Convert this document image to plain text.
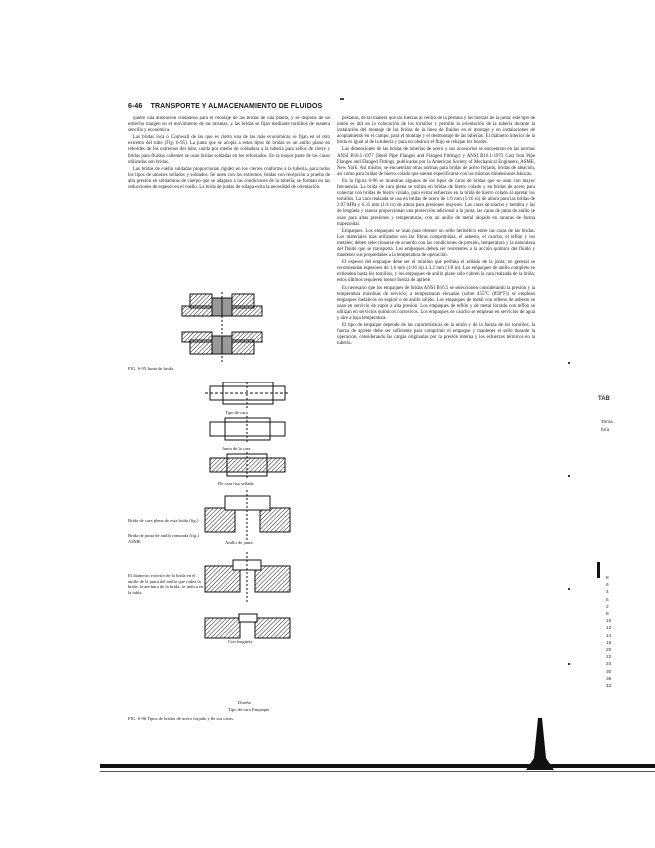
6-46 TRANSPORTE Y ALMACENAMIENTO DE FLUIDOS

quiere una alineación cuidadosa para el montaje de las bridas de una planta, y se dispone de un estrecho margen en el movimiento de las mismas, y las bridas se fijan mediante tornillos de manera sencilla y económica.

Las bridas loca o Cornwall de las que es cierto una de las más económicas se fijan en el otro extremo del tubo (Fig. 6-95). La junta que se acopla a estos tipos de bridas es un anillo plano en rebordes de los extremos del tubo, unida por medio de soldadura a la tubería para sellos de cierre y bridas para fluidos calientes se usan bridas soldadas en los reforzados. En la mayor parte de los casos utilizadas son bridas.

Las bridas de cuello soldadas proporcionan rigidez en los cierres conforme a la tubería, para todos los tipos de uniones sellados y soldados. Se unen con los extremos, bridas con recepción a prueba de alta presión en soldaduras de cuerpo que se adaptan a las condiciones de la tubería; se forman en las reducciones de espesor en el cuello. La brida de juntas de solapa evita la necesidad de orientación.

pestañas, de tal manera que las fuerzas al centro de la pestaña y las fuerzas de la junta; este tipo de unión es útil en la colocación de los tornillos y permite la orientación de la tubería durante la instalación del montaje de las bridas de la línea de fluidos en el montaje y en instalaciones de acoplamiento en el campo, para el montaje y el desmontaje de las tuberías. El diámetro interior de la brida es igual al de la tubería y para no obstruir el flujo se rebajan los bordes.

Las dimensiones de las bridas de tuberías de acero y sus accesorios se encuentran en las normas ANSI B16.5-1977 (Steel Pipe Flanges and Flanged Fittings) y ANSI B16.1-1975 Cast Iron Pipe Flanges and Flanged Fittings, publicadas por la American Society of Mechanical Engineers, ASME, New York. Así mismo, se encuentran otras normas para bridas de acero forjado, bridas de aleación, así como para bridas de hierro colado que suelen especificarse con las mismas dimensiones básicas.

En la figura 6-96 se muestran algunos de los tipos de caras de bridas que se usan con mayor frecuencia. La brida de cara plena se utiliza en bridas de hierro colado y en bridas de acero para conectar con bridas de hierro colado, para evitar esfuerzos en la brida de hierro colado al apretar los tornillos. La cara realzada se usa en bridas de acero de 1.6 mm (1/16 in) de altura para las bridas de 2.07 MPa y 6.35 mm (1/4 in) de altura para presiones mayores. Las caras de macho y hembra y las de lengüeta y ranura proporcionan una protección adicional a la junta; las caras de junta de anillo se usan para altas presiones y temperaturas, con un anillo de metal alojado en ranuras de forma trapezoidal.

Empaques. Los empaques se usan para obtener un sello hermético entre las caras de las bridas. Los materiales más utilizados son las fibras comprimidas, el asbesto, el caucho, el teflón y los metales; deben seleccionarse de acuerdo con las condiciones de presión, temperatura y la naturaleza del fluido que se transporta. Los empaques deben ser resistentes a la acción química del fluido y mantener sus propiedades a la temperatura de operación.

El espesor del empaque debe ser el mínimo que permita el sellado de la junta; en general se recomiendan espesores de 1.6 mm (1/16 in) a 3.2 mm (1/8 in). Los empaques de anillo completo se extienden hasta los tornillos, y los empaques de anillo plano sólo cubren la cara realzada de la brida; estos últimos requieren menor fuerza de apriete.

Es necesario que los empaques de bridas ANSI B16.5 se seleccionen considerando la presión y la temperatura máximas de servicio; a temperaturas elevadas (sobre 455°C (850°F)) se emplean empaques metálicos en espiral o de anillo sólido. Los empaques de metal con relleno de asbesto se usan en servicio de vapor a alta presión. Los empaques de teflón y de metal forrado con teflón se utilizan en servicios químicos corrosivos. Los empaques de caucho se emplean en servicios de agua y aire a baja temperatura.

El tipo de empaque depende de las características de la unión y de la fuerza de los tornillos; la fuerza de apriete debe ser suficiente para comprimir el empaque y mantener el sello durante la operación, considerando las cargas originadas por la presión interna y los esfuerzos térmicos en la tubería.

FIG. 6-95 Junta de brida.
Tipo de cara
Junta de la cara
De cara lisa sellada
Anillo de junta
Brida de cara plena de esta brida (fig.)
Brida de junta de anillo ranurada (fig.) ASME
El diámetro exterior de la brida en el anillo de la junta del anillo que rodea la brida, la anchura de la brida, se indica en la tabla.
Con lengüeta
Diseño
Tipo de cara Empaque
FIG. 6-96 Tipos de bridas de acero forjado y de sus caras.
TAB
Tama
bría
8
6
4
5
2
8
10
12
14
16
20
22
24
30
36
42
